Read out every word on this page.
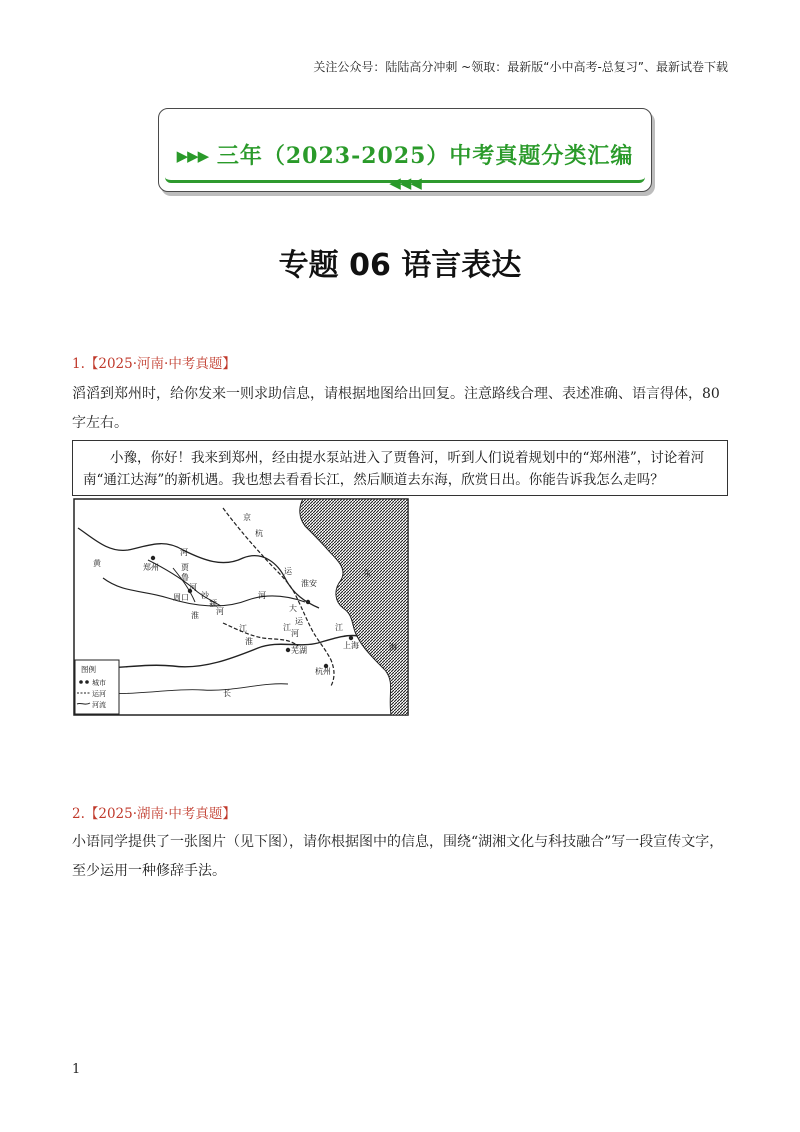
关注公众号：陆陆高分冲刺 ~领取：最新版“小中高考-总复习”、最新试卷下载
▶▶▶ 三年（2023-2025）中考真题分类汇编 ◀◀◀
专题 06 语言表达
1.【2025·河南·中考真题】
滔滔到郑州时，给你发来一则求助信息，请根据地图给出回复。注意路线合理、表述准确、语言得体，80字左右。

小豫，你好！我来到郑州，经由提水泵站进入了贾鲁河，听到人们说着规划中的“郑州港”，讨论着河南“通江达海”的新机遇。我也想去看看长江，然后顺道去东海，欣赏日出。你能告诉我怎么走吗？

黄
河
郑州	贾
鲁
河
周口 沙
颍
河
淮
京
杭
运
淮安
河
江
大
运
河
江
淮
芜湖
上海
杭州
东
海
长
江
图例
城市
运河
河流
2.【2025·湖南·中考真题】
小语同学提供了一张图片（见下图），请你根据图中的信息，围绕“湖湘文化与科技融合”写一段宣传文字，至少运用一种修辞手法。
1
